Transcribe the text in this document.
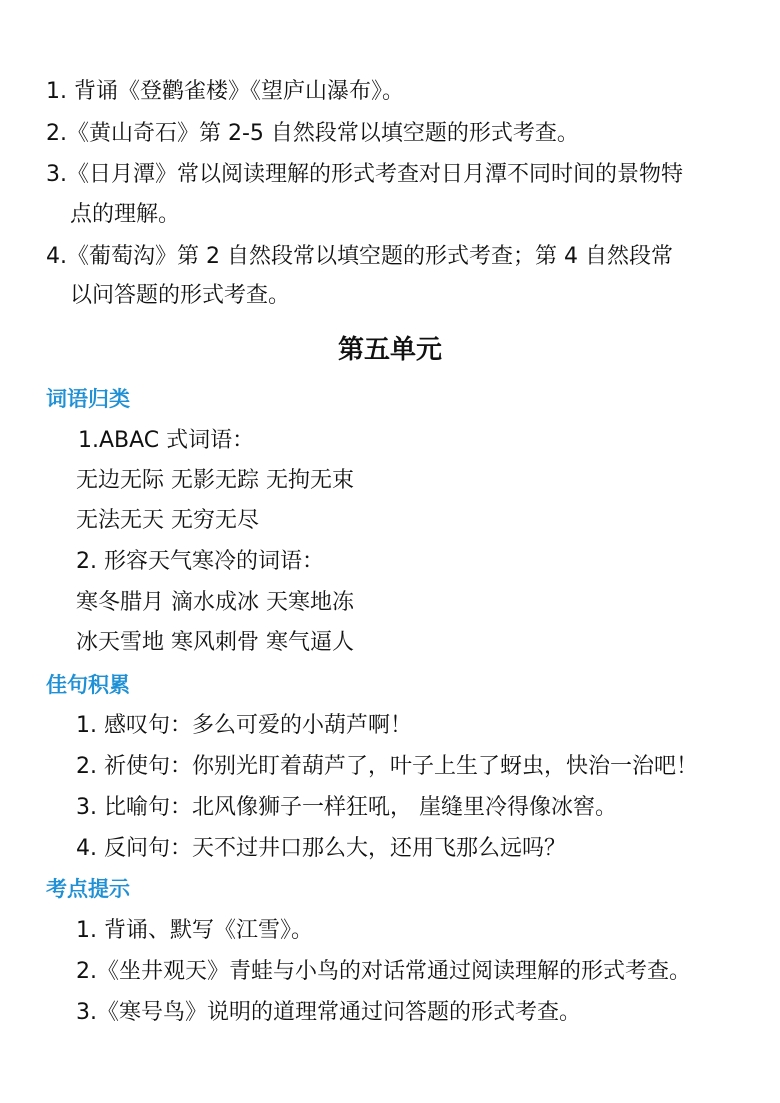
1. 背诵《登鹳雀楼》《望庐山瀑布》。
2.《黄山奇石》第 2-5 自然段常以填空题的形式考查。
3.《日月潭》常以阅读理解的形式考查对日月潭不同时间的景物特
点的理解。
4.《葡萄沟》第 2 自然段常以填空题的形式考查；第 4 自然段常
以问答题的形式考查。
第五单元
词语归类
1.ABAC 式词语：
无边无际 无影无踪 无拘无束
无法无天 无穷无尽
2. 形容天气寒冷的词语：
寒冬腊月 滴水成冰 天寒地冻
冰天雪地 寒风刺骨 寒气逼人
佳句积累
1. 感叹句：多么可爱的小葫芦啊！
2. 祈使句：你别光盯着葫芦了，叶子上生了蚜虫，快治一治吧！
3. 比喻句：北风像狮子一样狂吼， 崖缝里冷得像冰窖。
4. 反问句：天不过井口那么大，还用飞那么远吗？
考点提示
1. 背诵、默写《江雪》。
2.《坐井观天》青蛙与小鸟的对话常通过阅读理解的形式考查。
3.《寒号鸟》说明的道理常通过问答题的形式考查。
